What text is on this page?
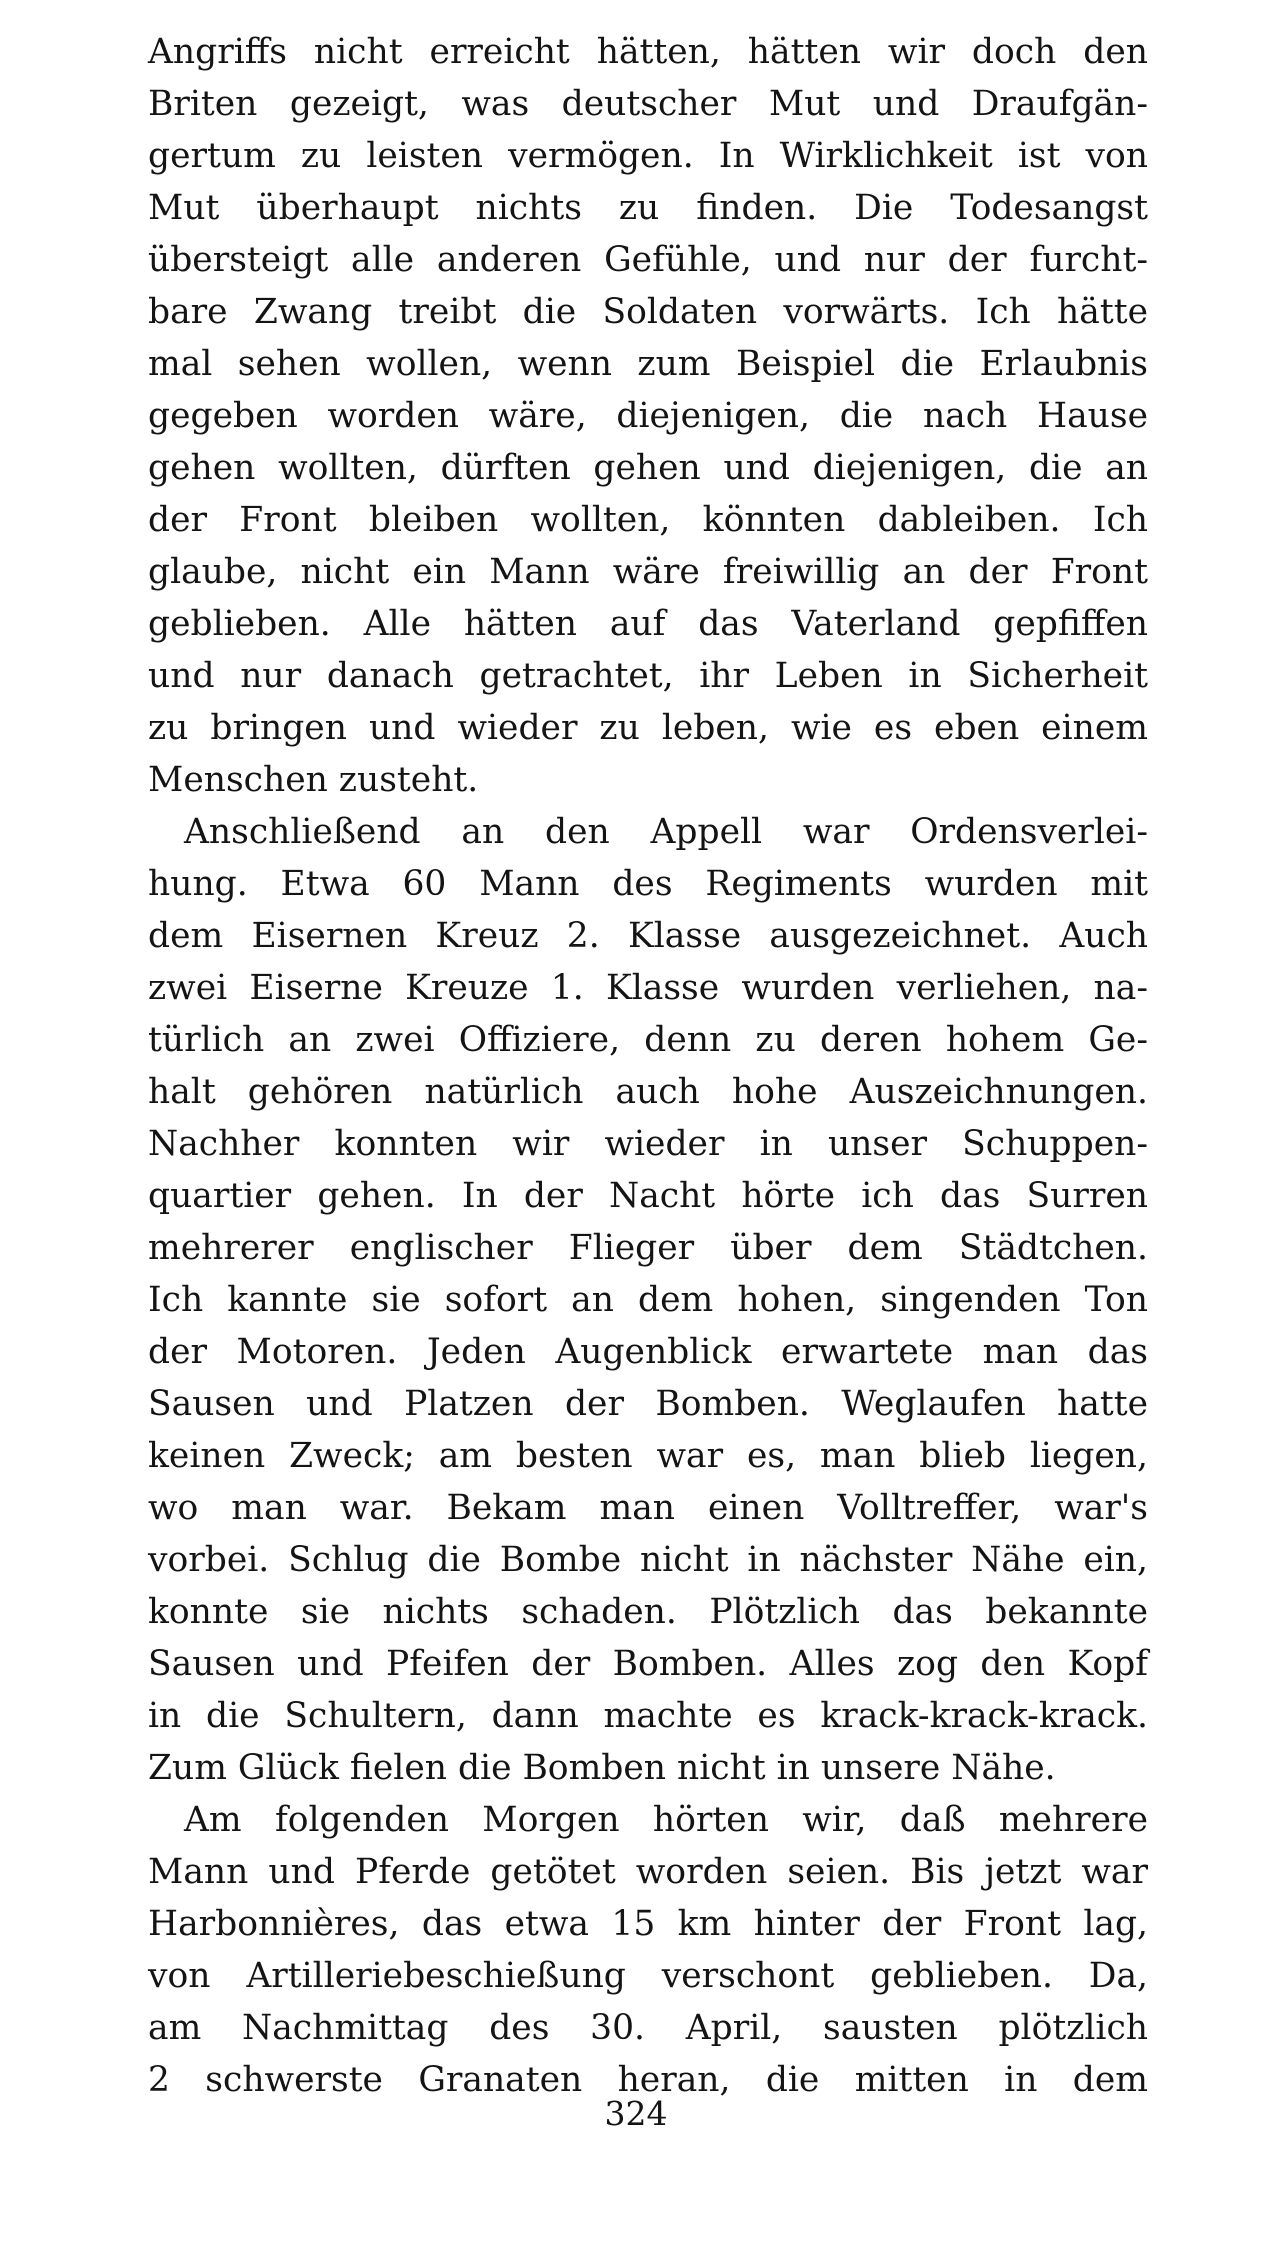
Angriffs nicht erreicht hätten, hätten wir doch den
Briten gezeigt, was deutscher Mut und Draufgän-
gertum zu leisten vermögen. In Wirklichkeit ist von
Mut überhaupt nichts zu finden. Die Todesangst
übersteigt alle anderen Gefühle, und nur der furcht-
bare Zwang treibt die Soldaten vorwärts. Ich hätte
mal sehen wollen, wenn zum Beispiel die Erlaubnis
gegeben worden wäre, diejenigen, die nach Hause
gehen wollten, dürften gehen und diejenigen, die an
der Front bleiben wollten, könnten dableiben. Ich
glaube, nicht ein Mann wäre freiwillig an der Front
geblieben. Alle hätten auf das Vaterland gepfiffen
und nur danach getrachtet, ihr Leben in Sicherheit
zu bringen und wieder zu leben, wie es eben einem
Menschen zusteht.
Anschließend an den Appell war Ordensverlei-
hung. Etwa 60 Mann des Regiments wurden mit
dem Eisernen Kreuz 2. Klasse ausgezeichnet. Auch
zwei Eiserne Kreuze 1. Klasse wurden verliehen, na-
türlich an zwei Offiziere, denn zu deren hohem Ge-
halt gehören natürlich auch hohe Auszeichnungen.
Nachher konnten wir wieder in unser Schuppen-
quartier gehen. In der Nacht hörte ich das Surren
mehrerer englischer Flieger über dem Städtchen.
Ich kannte sie sofort an dem hohen, singenden Ton
der Motoren. Jeden Augenblick erwartete man das
Sausen und Platzen der Bomben. Weglaufen hatte
keinen Zweck; am besten war es, man blieb liegen,
wo man war. Bekam man einen Volltreffer, war's
vorbei. Schlug die Bombe nicht in nächster Nähe ein,
konnte sie nichts schaden. Plötzlich das bekannte
Sausen und Pfeifen der Bomben. Alles zog den Kopf
in die Schultern, dann machte es krack-krack-krack.
Zum Glück fielen die Bomben nicht in unsere Nähe.
Am folgenden Morgen hörten wir, daß mehrere
Mann und Pferde getötet worden seien. Bis jetzt war
Harbonnières, das etwa 15 km hinter der Front lag,
von Artilleriebeschießung verschont geblieben. Da,
am Nachmittag des 30. April, sausten plötzlich
2 schwerste Granaten heran, die mitten in dem
324
